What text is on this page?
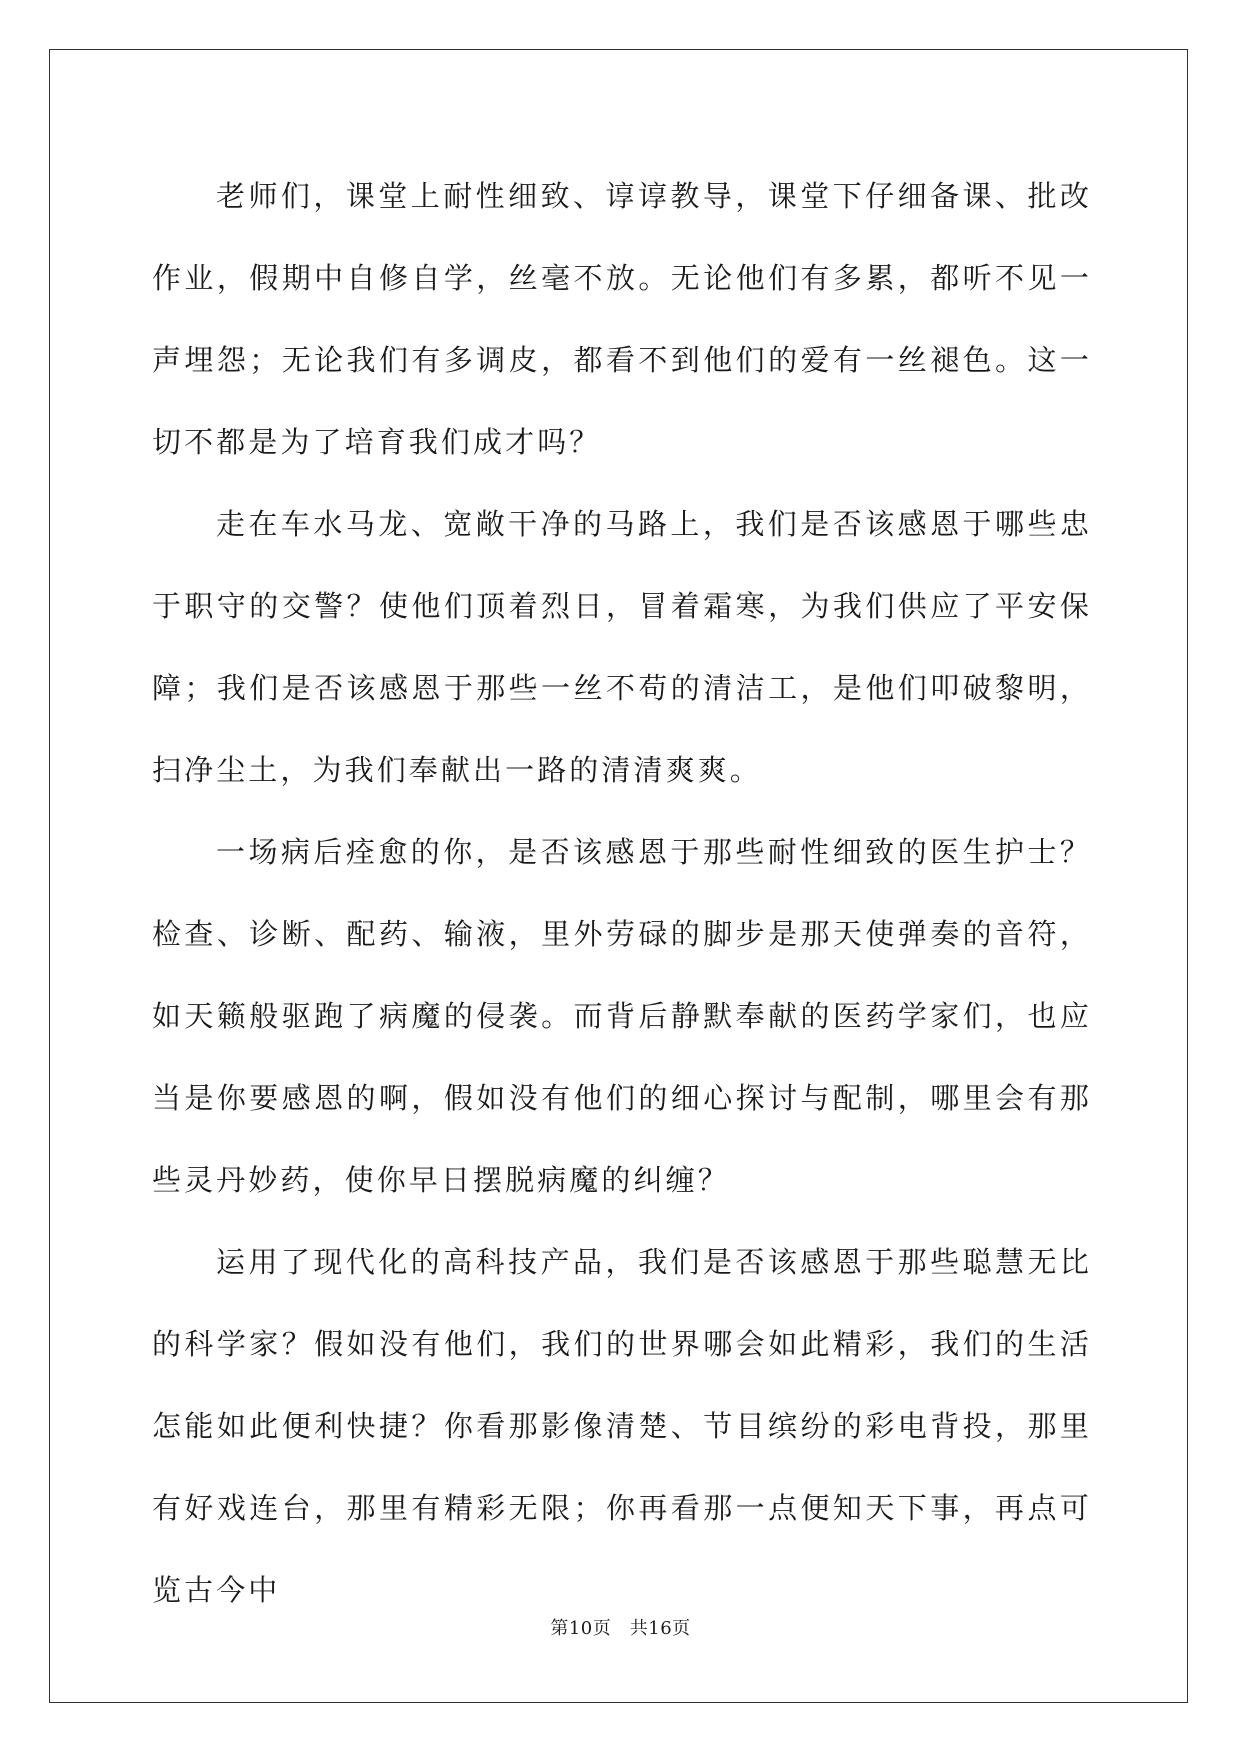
老师们，课堂上耐性细致、谆谆教导，课堂下仔细备课、批改作业，假期中自修自学，丝毫不放。无论他们有多累，都听不见一声埋怨；无论我们有多调皮，都看不到他们的爱有一丝褪色。这一切不都是为了培育我们成才吗？

走在车水马龙、宽敞干净的马路上，我们是否该感恩于哪些忠于职守的交警？使他们顶着烈日，冒着霜寒，为我们供应了平安保障；我们是否该感恩于那些一丝不苟的清洁工，是他们叩破黎明，扫净尘土，为我们奉献出一路的清清爽爽。

一场病后痊愈的你，是否该感恩于那些耐性细致的医生护士？检查、诊断、配药、输液，里外劳碌的脚步是那天使弹奏的音符，如天籁般驱跑了病魔的侵袭。而背后静默奉献的医药学家们，也应当是你要感恩的啊，假如没有他们的细心探讨与配制，哪里会有那些灵丹妙药，使你早日摆脱病魔的纠缠？

运用了现代化的高科技产品，我们是否该感恩于那些聪慧无比的科学家？假如没有他们，我们的世界哪会如此精彩，我们的生活怎能如此便利快捷？你看那影像清楚、节目缤纷的彩电背投，那里有好戏连台，那里有精彩无限；你再看那一点便知天下事，再点可览古今中

第10页　共16页
